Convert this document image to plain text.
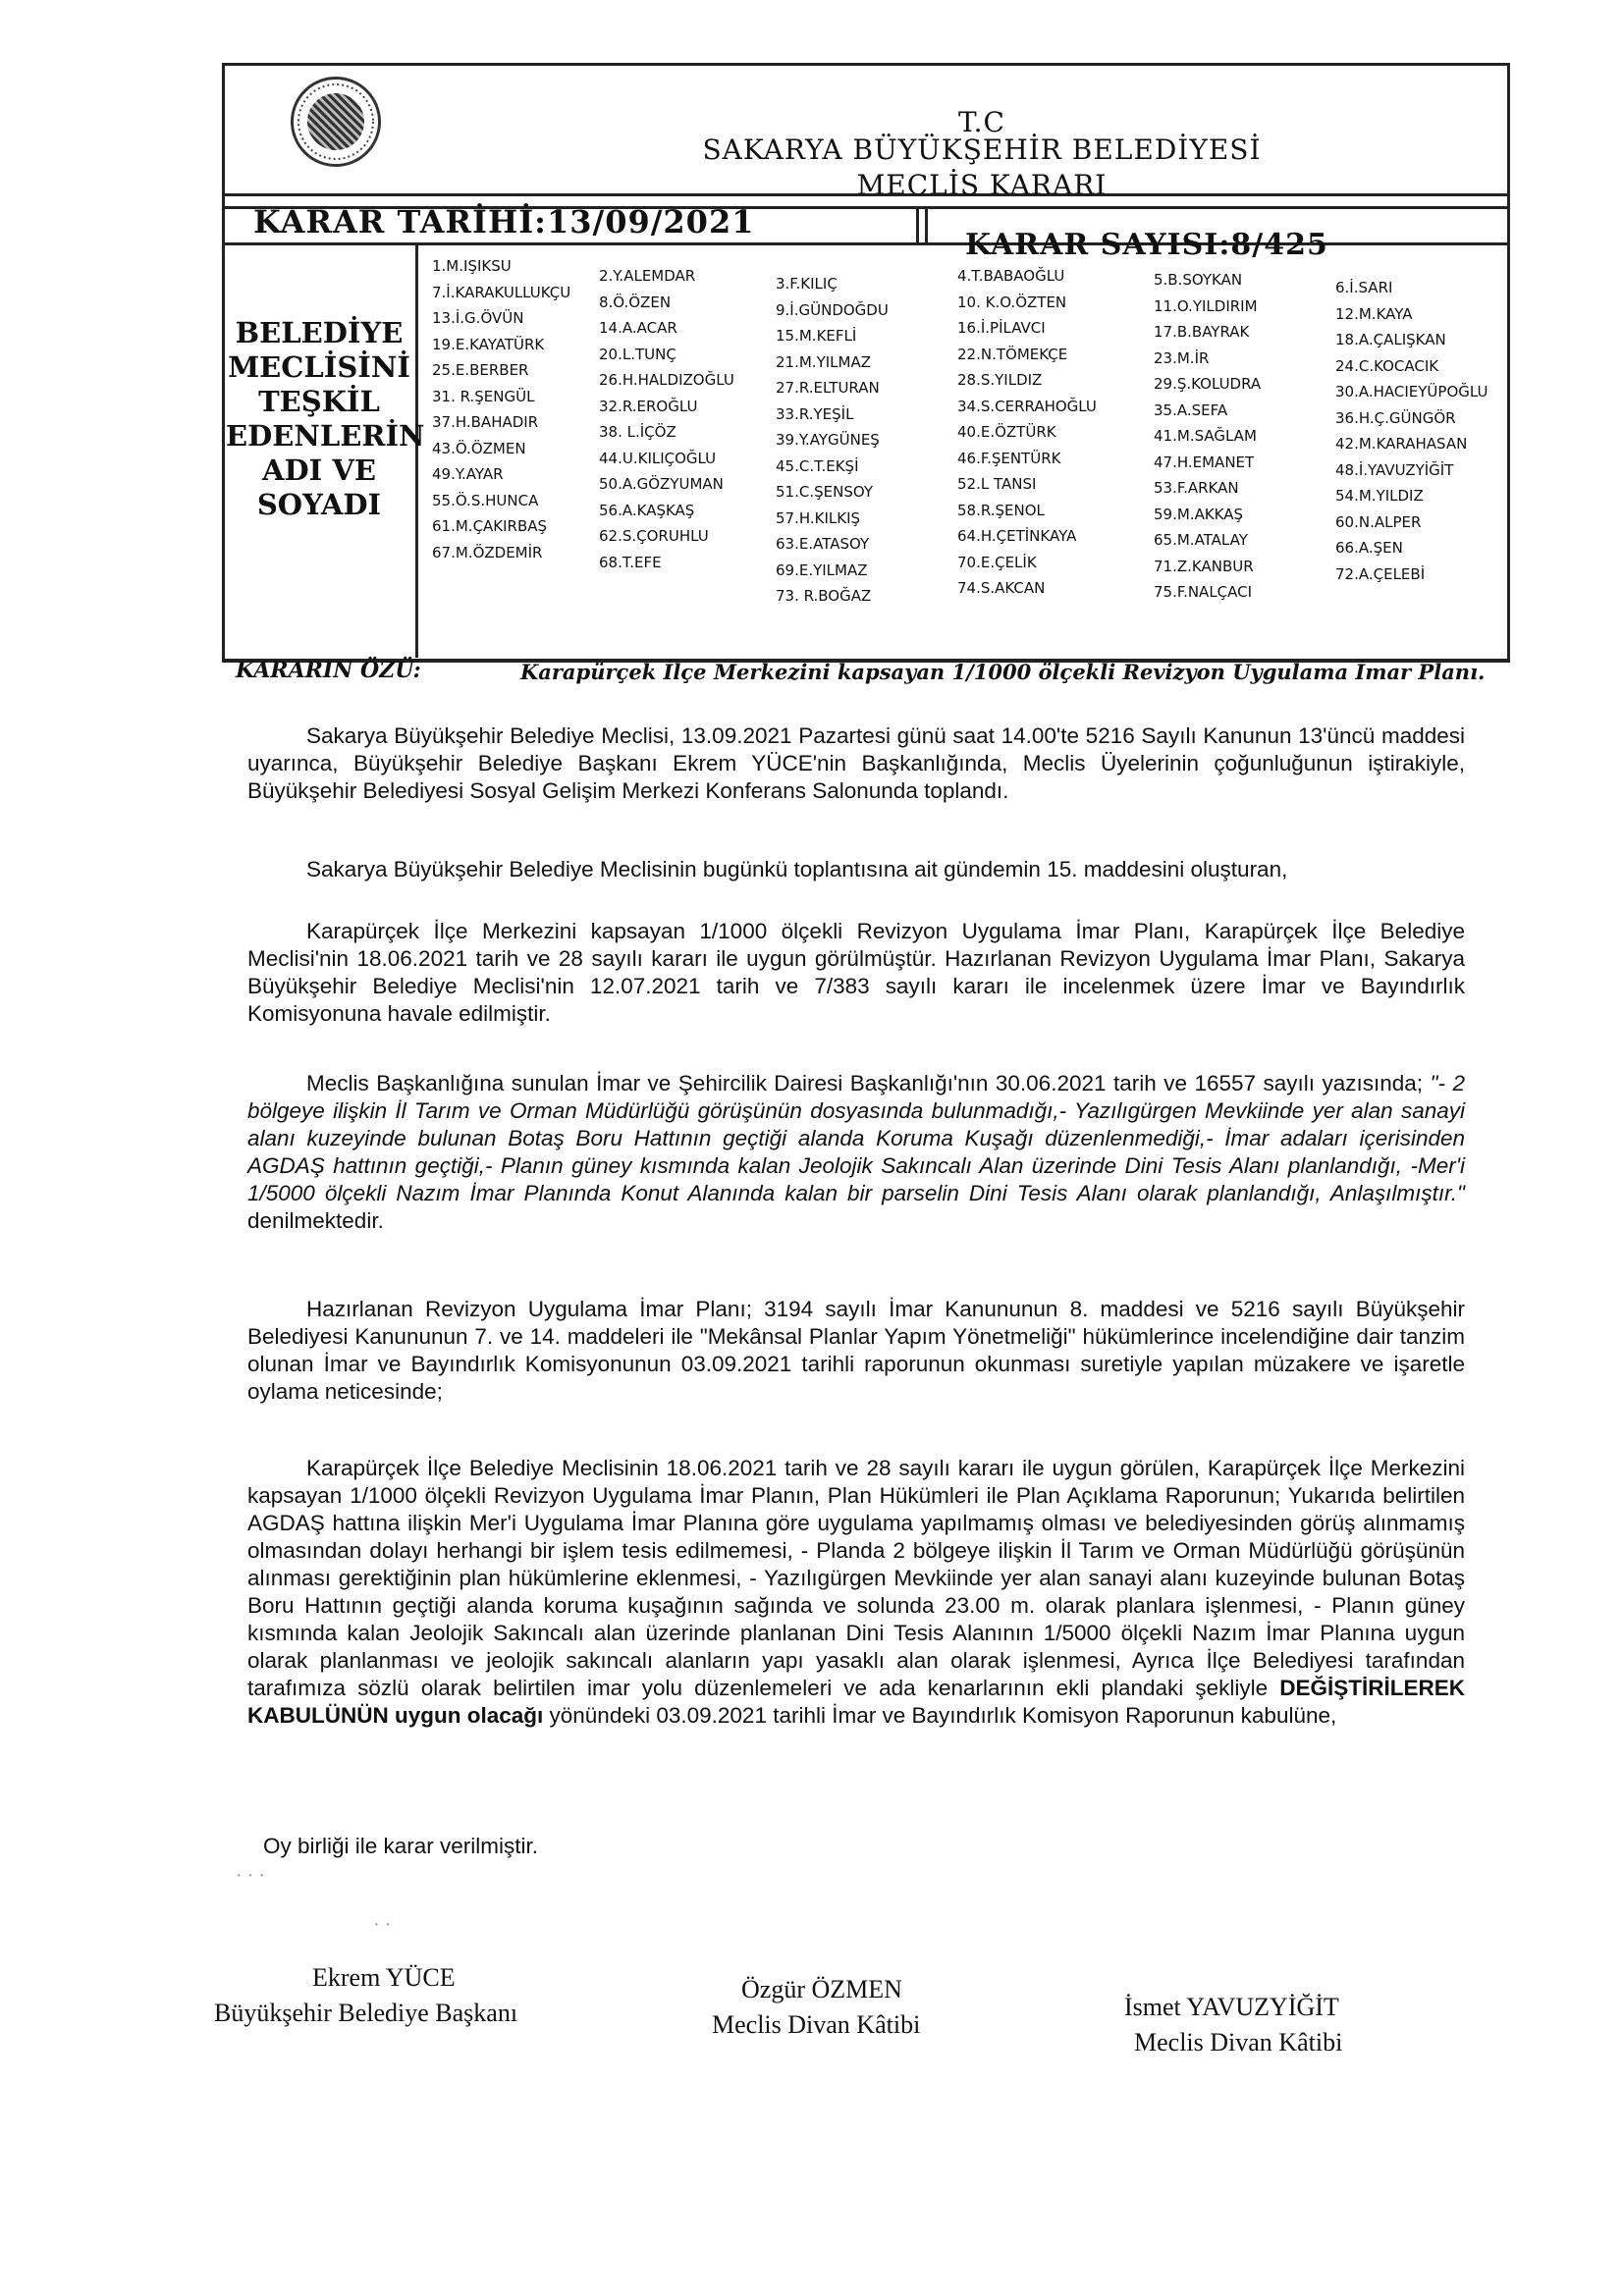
T.C
SAKARYA BÜYÜKŞEHİR BELEDİYESİ
MECLİS KARARI
KARAR TARİHİ:13/09/2021
KARAR SAYISI:8/425
BELEDİYE
MECLİSİNİ
TEŞKİL
EDENLERİN
ADI VE
SOYADI
1.M.IŞIKSU
7.İ.KARAKULLUKÇU
13.İ.G.ÖVÜN
19.E.KAYATÜRK
25.E.BERBER
31. R.ŞENGÜL
37.H.BAHADIR
43.Ö.ÖZMEN
49.Y.AYAR
55.Ö.S.HUNCA
61.M.ÇAKIRBAŞ
67.M.ÖZDEMİR
2.Y.ALEMDAR
8.Ö.ÖZEN
14.A.ACAR
20.L.TUNÇ
26.H.HALDIZOĞLU
32.R.EROĞLU
38. L.İÇÖZ
44.U.KILIÇOĞLU
50.A.GÖZYUMAN
56.A.KAŞKAŞ
62.S.ÇORUHLU
68.T.EFE
3.F.KILIÇ
9.İ.GÜNDOĞDU
15.M.KEFLİ
21.M.YILMAZ
27.R.ELTURAN
33.R.YEŞİL
39.Y.AYGÜNEŞ
45.C.T.EKŞİ
51.C.ŞENSOY
57.H.KILKIŞ
63.E.ATASOY
69.E.YILMAZ
73. R.BOĞAZ
4.T.BABAOĞLU
10. K.O.ÖZTEN
16.İ.PİLAVCI
22.N.TÖMEKÇE
28.S.YILDIZ
34.S.CERRAHOĞLU
40.E.ÖZTÜRK
46.F.ŞENTÜRK
52.L TANSI
58.R.ŞENOL
64.H.ÇETİNKAYA
70.E.ÇELİK
74.S.AKCAN
5.B.SOYKAN
11.O.YILDIRIM
17.B.BAYRAK
23.M.İR
29.Ş.KOLUDRA
35.A.SEFA
41.M.SAĞLAM
47.H.EMANET
53.F.ARKAN
59.M.AKKAŞ
65.M.ATALAY
71.Z.KANBUR
75.F.NALÇACI
6.İ.SARI
12.M.KAYA
18.A.ÇALIŞKAN
24.C.KOCACIK
30.A.HACIEYÜPOĞLU
36.H.Ç.GÜNGÖR
42.M.KARAHASAN
48.İ.YAVUZYİĞİT
54.M.YILDIZ
60.N.ALPER
66.A.ŞEN
72.A.ÇELEBİ
KARARIN ÖZÜ:	Karapürçek İlçe Merkezini kapsayan 1/1000 ölçekli Revizyon Uygulama İmar Planı.
Sakarya Büyükşehir Belediye Meclisi, 13.09.2021 Pazartesi günü saat 14.00'te 5216 Sayılı Kanunun 13'üncü maddesi uyarınca, Büyükşehir Belediye Başkanı Ekrem YÜCE'nin Başkanlığında, Meclis Üyelerinin çoğunluğunun iştirakiyle, Büyükşehir Belediyesi Sosyal Gelişim Merkezi Konferans Salonunda toplandı.
Sakarya Büyükşehir Belediye Meclisinin bugünkü toplantısına ait gündemin 15. maddesini oluşturan,
Karapürçek İlçe Merkezini kapsayan 1/1000 ölçekli Revizyon Uygulama İmar Planı, Karapürçek İlçe Belediye Meclisi'nin 18.06.2021 tarih ve 28 sayılı kararı ile uygun görülmüştür. Hazırlanan Revizyon Uygulama İmar Planı, Sakarya Büyükşehir Belediye Meclisi'nin 12.07.2021 tarih ve 7/383 sayılı kararı ile incelenmek üzere İmar ve Bayındırlık Komisyonuna havale edilmiştir.
Meclis Başkanlığına sunulan İmar ve Şehircilik Dairesi Başkanlığı'nın 30.06.2021 tarih ve 16557 sayılı yazısında; "- 2 bölgeye ilişkin İl Tarım ve Orman Müdürlüğü görüşünün dosyasında bulunmadığı,- Yazılıgürgen Mevkiinde yer alan sanayi alanı kuzeyinde bulunan Botaş Boru Hattının geçtiği alanda Koruma Kuşağı düzenlenmediği,- İmar adaları içerisinden AGDAŞ hattının geçtiği,- Planın güney kısmında kalan Jeolojik Sakıncalı Alan üzerinde Dini Tesis Alanı planlandığı, -Mer'i 1/5000 ölçekli Nazım İmar Planında Konut Alanında kalan bir parselin Dini Tesis Alanı olarak planlandığı, Anlaşılmıştır." denilmektedir.
Hazırlanan Revizyon Uygulama İmar Planı; 3194 sayılı İmar Kanununun 8. maddesi ve 5216 sayılı Büyükşehir Belediyesi Kanununun 7. ve 14. maddeleri ile "Mekânsal Planlar Yapım Yönetmeliği" hükümlerince incelendiğine dair tanzim olunan İmar ve Bayındırlık Komisyonunun 03.09.2021 tarihli raporunun okunması suretiyle yapılan müzakere ve işaretle oylama neticesinde;
Karapürçek İlçe Belediye Meclisinin 18.06.2021 tarih ve 28 sayılı kararı ile uygun görülen, Karapürçek İlçe Merkezini kapsayan 1/1000 ölçekli Revizyon Uygulama İmar Planın, Plan Hükümleri ile Plan Açıklama Raporunun; Yukarıda belirtilen AGDAŞ hattına ilişkin Mer'i Uygulama İmar Planına göre uygulama yapılmamış olması ve belediyesinden görüş alınmamış olmasından dolayı herhangi bir işlem tesis edilmemesi, - Planda 2 bölgeye ilişkin İl Tarım ve Orman Müdürlüğü görüşünün alınması gerektiğinin plan hükümlerine eklenmesi, - Yazılıgürgen Mevkiinde yer alan sanayi alanı kuzeyinde bulunan Botaş Boru Hattının geçtiği alanda koruma kuşağının sağında ve solunda 23.00 m. olarak planlara işlenmesi, - Planın güney kısmında kalan Jeolojik Sakıncalı alan üzerinde planlanan Dini Tesis Alanının 1/5000 ölçekli Nazım İmar Planına uygun olarak planlanması ve jeolojik sakıncalı alanların yapı yasaklı alan olarak işlenmesi, Ayrıca İlçe Belediyesi tarafından tarafımıza sözlü olarak belirtilen imar yolu düzenlemeleri ve ada kenarlarının ekli plandaki şekliyle DEĞİŞTİRİLEREK KABULÜNÜN uygun olacağı yönündeki 03.09.2021 tarihli İmar ve Bayındırlık Komisyon Raporunun kabulüne,
Oy birliği ile karar verilmiştir.
· · ·
· ·
Ekrem YÜCE
Büyükşehir Belediye Başkanı
Özgür ÖZMEN
Meclis Divan Kâtibi
İsmet YAVUZYİĞİT
Meclis Divan Kâtibi
